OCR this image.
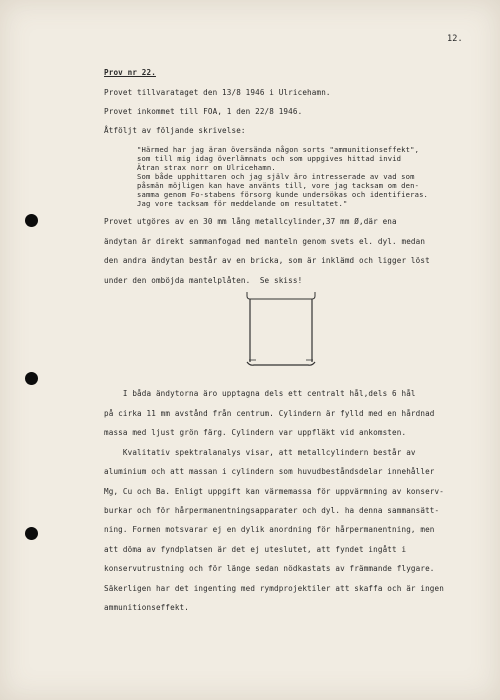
12.
Prov nr 22.
Provet tillvarataget den 13/8 1946 i Ulricehamn.
Provet inkommet till FOA, 1 den 22/8 1946.
Åtföljt av följande skrivelse:
"Härmed har jag äran översända någon sorts "ammunitionseffekt",
som till mig idag överlämnats och som uppgives hittad invid
Ätran strax norr om Ulricehamn.
Som både upphittaren och jag själv äro intresserade av vad som
påsmän möjligen kan have använts till, vore jag tacksam om den-
samma genom Fo-stabens försorg kunde undersökas och identifieras.
Jag vore tacksam för meddelande om resultatet."
Provet utgöres av en 30 mm lång metallcylinder,37 mm Ø,där ena
ändytan är direkt sammanfogad med manteln genom svets el. dyl. medan
den andra ändytan består av en bricka, som är inklämd och ligger löst
under den omböjda mantelplåten.  Se skiss!
I båda ändytorna äro upptagna dels ett centralt hål,dels 6 hål
på cirka 11 mm avstånd från centrum. Cylindern är fylld med en hårdnad
massa med ljust grön färg. Cylindern var uppfläkt vid ankomsten.
Kvalitativ spektralanalys visar, att metallcylindern består av
aluminium och att massan i cylindern som huvudbeståndsdelar innehåller
Mg, Cu och Ba. Enligt uppgift kan värmemassa för uppvärmning av konserv-
burkar och för hårpermanentningsapparater och dyl. ha denna sammansätt-
ning. Formen motsvarar ej en dylik anordning för hårpermanentning, men
att döma av fyndplatsen är det ej uteslutet, att fyndet ingått i
konservutrustning och för länge sedan nödkastats av främmande flygare.
Säkerligen har det ingenting med rymdprojektiler att skaffa och är ingen
ammunitionseffekt.
